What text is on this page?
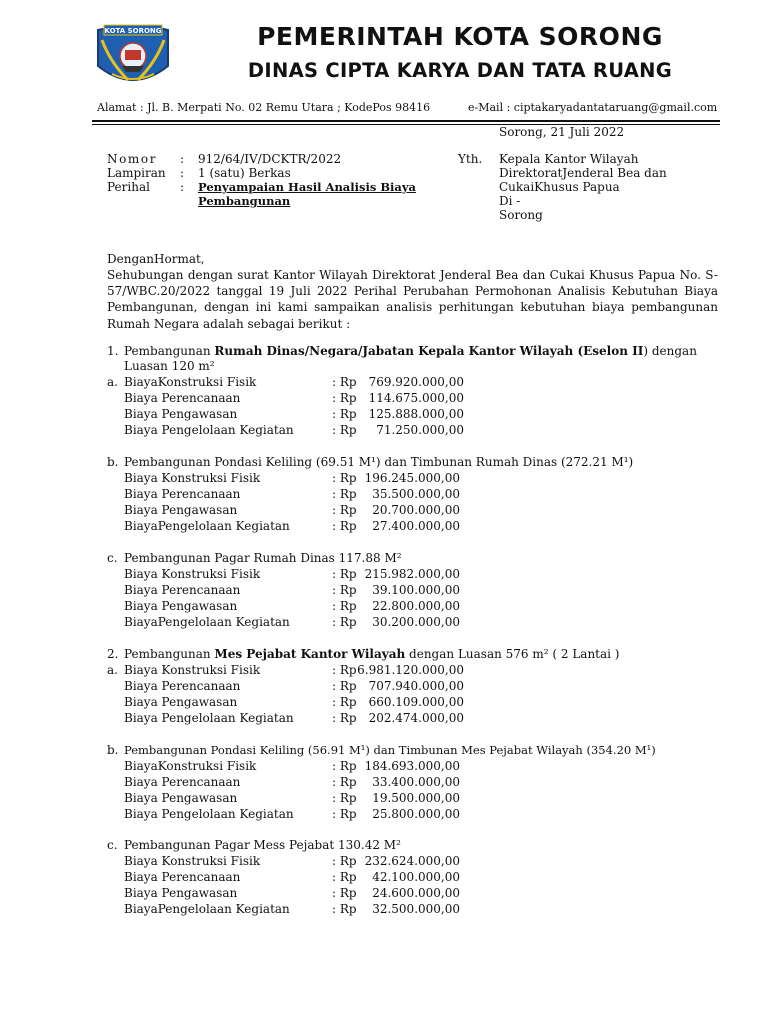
KOTA SORONG	PEMERINTAH KOTA SORONG
DINAS CIPTA KARYA DAN TATA RUANG
Alamat : Jl. B. Merpati No. 02 Remu Utara ; KodePos 98416	e-Mail : ciptakaryadantataruang@gmail.com
Sorong, 21 Juli 2022
Nomor : 912/64/IV/DCKTR/2022
Lampiran : 1 (satu) Berkas
Perihal	: Penyampaian Hasil Analisis Biaya
Pembangunan
Yth. Kepala Kantor Wilayah
DirektoratJenderal Bea dan
CukaiKhusus Papua
Di -
Sorong
DenganHormat,
Sehubungan dengan surat Kantor Wilayah Direktorat Jenderal Bea dan Cukai Khusus Papua No. S-57/WBC.20/2022 tanggal 19 Juli 2022 Perihal Perubahan Permohonan Analisis Kebutuhan Biaya Pembangunan, dengan ini kami sampaikan analisis perhitungan kebutuhan biaya pembangunan Rumah Negara adalah sebagai berikut :
1. Pembangunan Rumah Dinas/Negara/Jabatan Kepala Kantor Wilayah (Eselon II) dengan
Luasan 120 m²
a. BiayaKonstruksi Fisik	: Rp 769.920.000,00
Biaya Perencanaan	: Rp 114.675.000,00
Biaya Pengawasan	: Rp 125.888.000,00
Biaya Pengelolaan Kegiatan	: Rp	71.250.000,00
b. Pembangunan Pondasi Keliling (69.51 M¹) dan Timbunan Rumah Dinas (272.21 M¹)
Biaya Konstruksi Fisik	: Rp 196.245.000,00
Biaya Perencanaan	: Rp	35.500.000,00
Biaya Pengawasan	: Rp	20.700.000,00
BiayaPengelolaan Kegiatan	: Rp	27.400.000,00
c. Pembangunan Pagar Rumah Dinas 117.88 M²
Biaya Konstruksi Fisik	: Rp 215.982.000,00
Biaya Perencanaan	: Rp	39.100.000,00
Biaya Pengawasan	: Rp	22.800.000,00
BiayaPengelolaan Kegiatan	: Rp	30.200.000,00
2. Pembangunan Mes Pejabat Kantor Wilayah dengan Luasan 576 m² ( 2 Lantai )
a. Biaya Konstruksi Fisik	: Rp 6.981.120.000,00
Biaya Perencanaan	: Rp 707.940.000,00
Biaya Pengawasan	: Rp 660.109.000,00
Biaya Pengelolaan Kegiatan	: Rp 202.474.000,00
b. Pembangunan Pondasi Keliling (56.91 M¹) dan Timbunan Mes Pejabat Wilayah (354.20 M¹)
BiayaKonstruksi Fisik	: Rp 184.693.000,00
Biaya Perencanaan	: Rp	33.400.000,00
Biaya Pengawasan	: Rp	19.500.000,00
Biaya Pengelolaan Kegiatan	: Rp	25.800.000,00
c. Pembangunan Pagar Mess Pejabat 130.42 M²
Biaya Konstruksi Fisik	: Rp 232.624.000,00
Biaya Perencanaan	: Rp	42.100.000,00
Biaya Pengawasan	: Rp	24.600.000,00
BiayaPengelolaan Kegiatan	: Rp	32.500.000,00
